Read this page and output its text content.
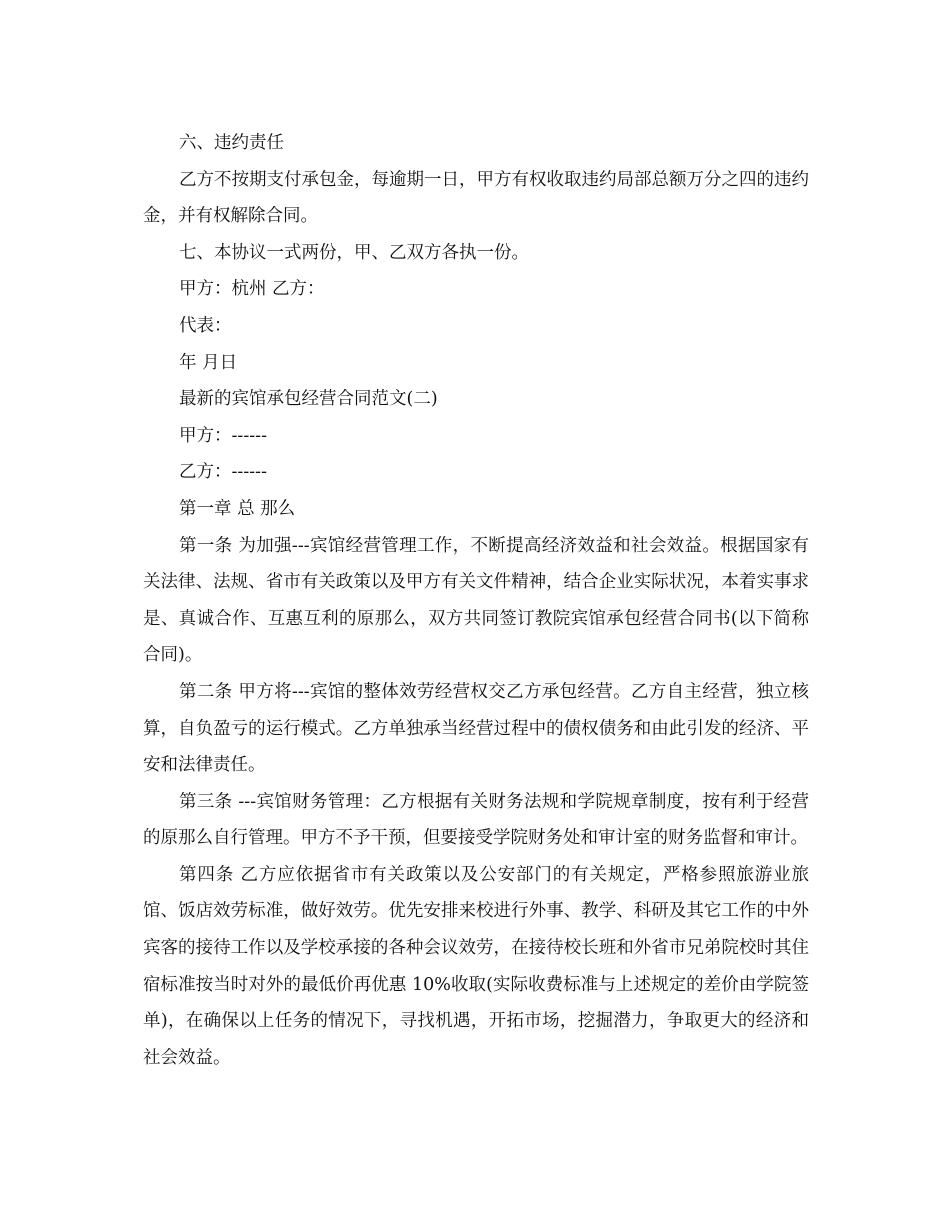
六、违约责任

乙方不按期支付承包金，每逾期一日，甲方有权收取违约局部总额万分之四的违约金，并有权解除合同。

七、本协议一式两份，甲、乙双方各执一份。

甲方：杭州 乙方：

代表：

年 月日

最新的宾馆承包经营合同范文(二)

甲方：------

乙方：------

第一章 总 那么

第一条 为加强---宾馆经营管理工作，不断提高经济效益和社会效益。根据国家有关法律、法规、省市有关政策以及甲方有关文件精神，结合企业实际状况，本着实事求是、真诚合作、互惠互利的原那么，双方共同签订教院宾馆承包经营合同书(以下简称合同)。

第二条 甲方将---宾馆的整体效劳经营权交乙方承包经营。乙方自主经营，独立核算，自负盈亏的运行模式。乙方单独承当经营过程中的债权债务和由此引发的经济、平安和法律责任。

第三条 ---宾馆财务管理：乙方根据有关财务法规和学院规章制度，按有利于经营的原那么自行管理。甲方不予干预，但要接受学院财务处和审计室的财务监督和审计。

第四条 乙方应依据省市有关政策以及公安部门的有关规定，严格参照旅游业旅馆、饭店效劳标准，做好效劳。优先安排来校进行外事、教学、科研及其它工作的中外宾客的接待工作以及学校承接的各种会议效劳，在接待校长班和外省市兄弟院校时其住宿标准按当时对外的最低价再优惠 10%收取(实际收费标准与上述规定的差价由学院签单)，在确保以上任务的情况下，寻找机遇，开拓市场，挖掘潜力，争取更大的经济和社会效益。
